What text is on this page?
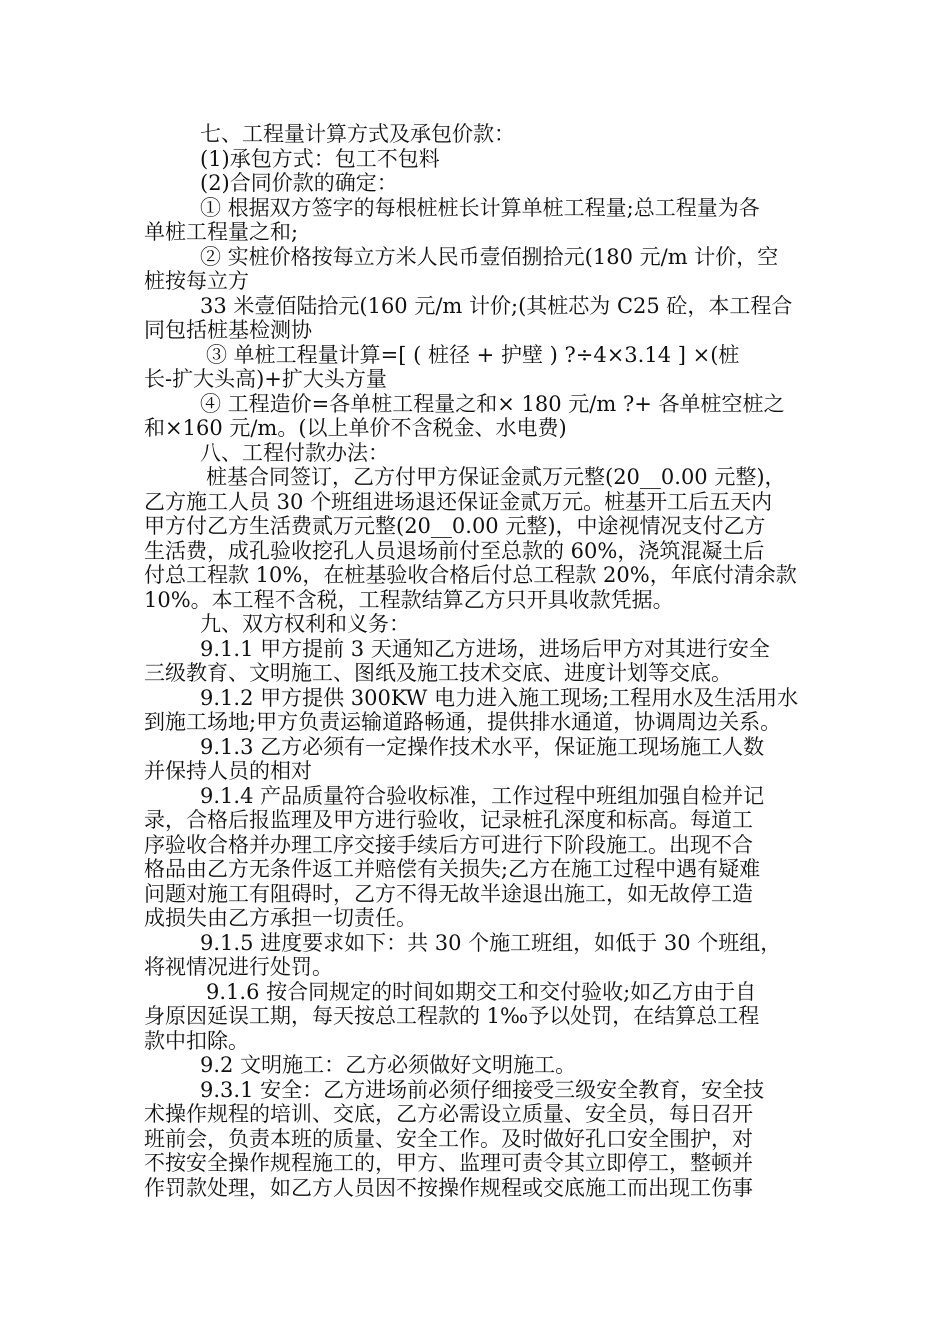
七、工程量计算方式及承包价款：
(1)承包方式：包工不包料
(2)合同价款的确定：
① 根据双方签字的每根桩桩长计算单桩工程量;总工程量为各
单桩工程量之和;
② 实桩价格按每立方米人民币壹佰捌拾元(180 元/m 计价，空
桩按每立方
33 米壹佰陆拾元(160 元/m 计价;(其桩芯为 C25 砼，本工程合
同包括桩基检测协
③ 单桩工程量计算=[ ( 桩径 + 护壁 ) ?÷4×3.14 ] ×(桩
长-扩大头高)+扩大头方量
④ 工程造价=各单桩工程量之和× 180 元/m ?+ 各单桩空桩之
和×160 元/m。(以上单价不含税金、水电费)
八、工程付款办法：
桩基合同签订，乙方付甲方保证金贰万元整(20__0.00 元整)，
乙方施工人员 30 个班组进场退还保证金贰万元。桩基开工后五天内
甲方付乙方生活费贰万元整(20__0.00 元整)，中途视情况支付乙方
生活费，成孔验收挖孔人员退场前付至总款的 60%，浇筑混凝土后
付总工程款 10%，在桩基验收合格后付总工程款 20%，年底付清余款
10%。本工程不含税，工程款结算乙方只开具收款凭据。
九、双方权利和义务：
9.1.1 甲方提前 3 天通知乙方进场，进场后甲方对其进行安全
三级教育、文明施工、图纸及施工技术交底、进度计划等交底。
9.1.2 甲方提供 300KW 电力进入施工现场;工程用水及生活用水
到施工场地;甲方负责运输道路畅通，提供排水通道，协调周边关系。
9.1.3 乙方必须有一定操作技术水平，保证施工现场施工人数
并保持人员的相对
9.1.4 产品质量符合验收标准，工作过程中班组加强自检并记
录，合格后报监理及甲方进行验收，记录桩孔深度和标高。每道工
序验收合格并办理工序交接手续后方可进行下阶段施工。出现不合
格品由乙方无条件返工并赔偿有关损失;乙方在施工过程中遇有疑难
问题对施工有阻碍时，乙方不得无故半途退出施工，如无故停工造
成损失由乙方承担一切责任。
9.1.5 进度要求如下：共 30 个施工班组，如低于 30 个班组，
将视情况进行处罚。
9.1.6 按合同规定的时间如期交工和交付验收;如乙方由于自
身原因延误工期，每天按总工程款的 1‰予以处罚，在结算总工程
款中扣除。
9.2 文明施工：乙方必须做好文明施工。
9.3.1 安全：乙方进场前必须仔细接受三级安全教育，安全技
术操作规程的培训、交底，乙方必需设立质量、安全员，每日召开
班前会，负责本班的质量、安全工作。及时做好孔口安全围护，对
不按安全操作规程施工的，甲方、监理可责令其立即停工，整顿并
作罚款处理，如乙方人员因不按操作规程或交底施工而出现工伤事
